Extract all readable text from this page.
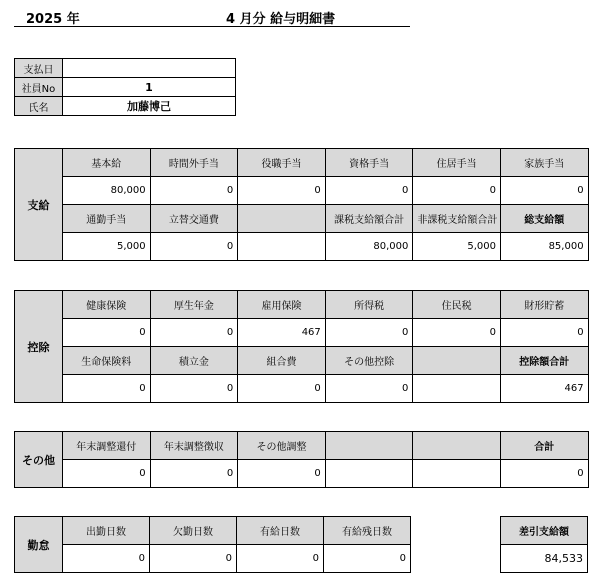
2025 年	4 月分 給与明細書
支払日	
社員No	1
氏名	加藤博己
支給	基本給	時間外手当	役職手当	資格手当	住居手当	家族手当
	80,000	0	0	0	0	0
	通勤手当	立替交通費		課税支給額合計	非課税支給額合計	総支給額
	5,000	0		80,000	5,000	85,000
控除	健康保険	厚生年金	雇用保険	所得税	住民税	財形貯蓄
	0	0	467	0	0	0
	生命保険料	積立金	組合費	その他控除		控除額合計
	0	0	0	0		467
その他	年末調整還付	年末調整徴収	その他調整			合計
	0	0	0			0
勤怠	出勤日数	欠勤日数	有給日数	有給残日数
	0	0	0	0
差引支給額
84,533
